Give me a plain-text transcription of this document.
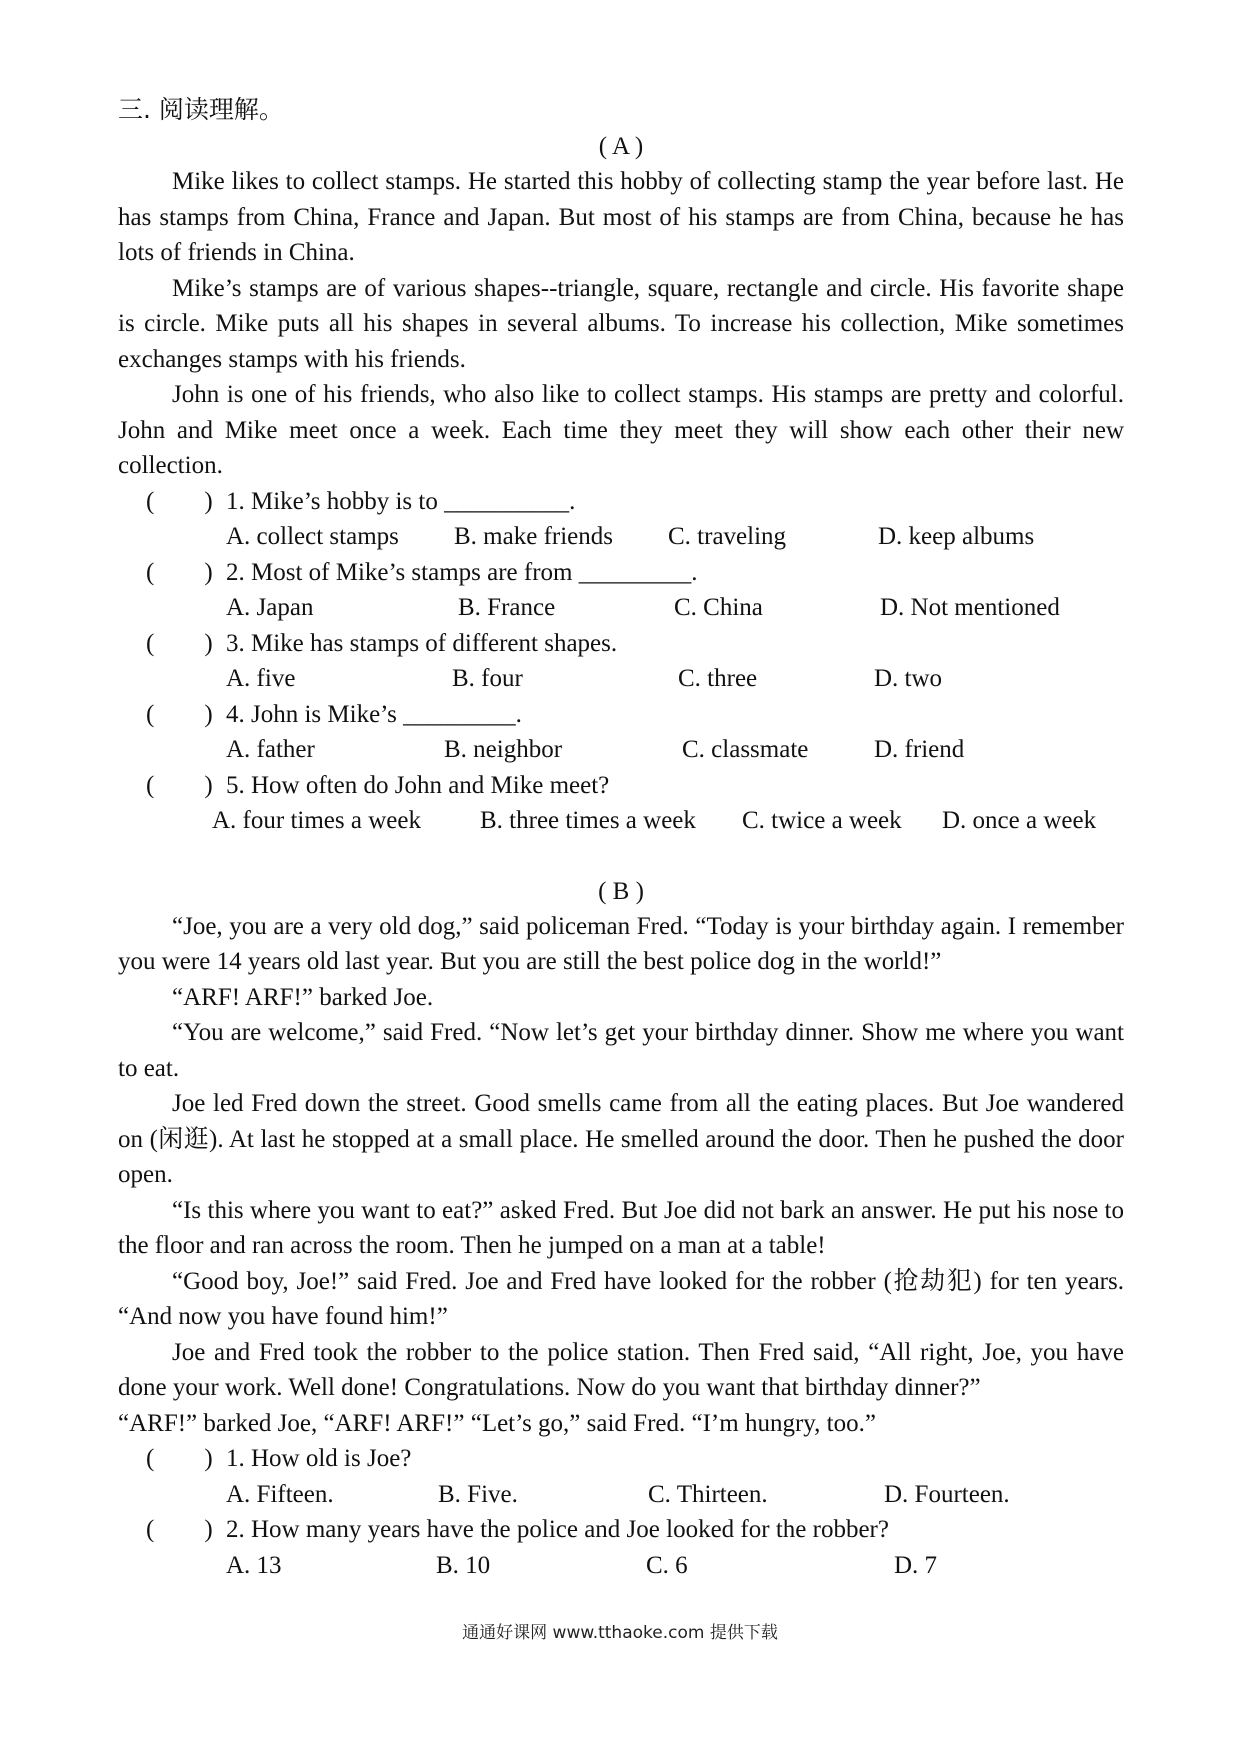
三. 阅读理解。
( A )

Mike likes to collect stamps. He started this hobby of collecting stamp the year before last. He has stamps from China, France and Japan. But most of his stamps are from China, because he has lots of friends in China.

Mike’s stamps are of various shapes--triangle, square, rectangle and circle. His favorite shape is circle. Mike puts all his shapes in several albums. To increase his collection, Mike sometimes exchanges stamps with his friends.

John is one of his friends, who also like to collect stamps. His stamps are pretty and colorful. John and Mike meet once a week. Each time they meet they will show each other their new collection.

(        ) 1. Mike’s hobby is to __________.
A. collect stamps	B. make friends	C. traveling	D. keep albums
(        ) 2. Most of Mike’s stamps are from _________.
A. Japan	B. France	C. China	D. Not mentioned
(        ) 3. Mike has stamps of different shapes.
A. five	B. four	C. three	D. two
(        ) 4. John is Mike’s _________.
A. father	B. neighbor	C. classmate	D. friend
(        ) 5. How often do John and Mike meet?
A. four times a week	B. three times a week	C. twice a week	D. once a week
( B )

“Joe, you are a very old dog,” said policeman Fred. “Today is your birthday again. I remember you were 14 years old last year. But you are still the best police dog in the world!”

“ARF! ARF!” barked Joe.

“You are welcome,” said Fred. “Now let’s get your birthday dinner. Show me where you want to eat.

Joe led Fred down the street. Good smells came from all the eating places. But Joe wandered on (闲逛). At last he stopped at a small place. He smelled around the door. Then he pushed the door open.

“Is this where you want to eat?” asked Fred. But Joe did not bark an answer. He put his nose to the floor and ran across the room. Then he jumped on a man at a table!

“Good boy, Joe!” said Fred. Joe and Fred have looked for the robber (抢劫犯) for ten years. “And now you have found him!”

Joe and Fred took the robber to the police station. Then Fred said, “All right, Joe, you have done your work. Well done! Congratulations. Now do you want that birthday dinner?”

“ARF!” barked Joe, “ARF! ARF!” “Let’s go,” said Fred. “I’m hungry, too.”

(        ) 1. How old is Joe?
A. Fifteen.	B. Five.	C. Thirteen.	D. Fourteen.
(        ) 2. How many years have the police and Joe looked for the robber?
A. 13	B. 10	C. 6	D. 7
通通好课网 www.tthaoke.com 提供下载
